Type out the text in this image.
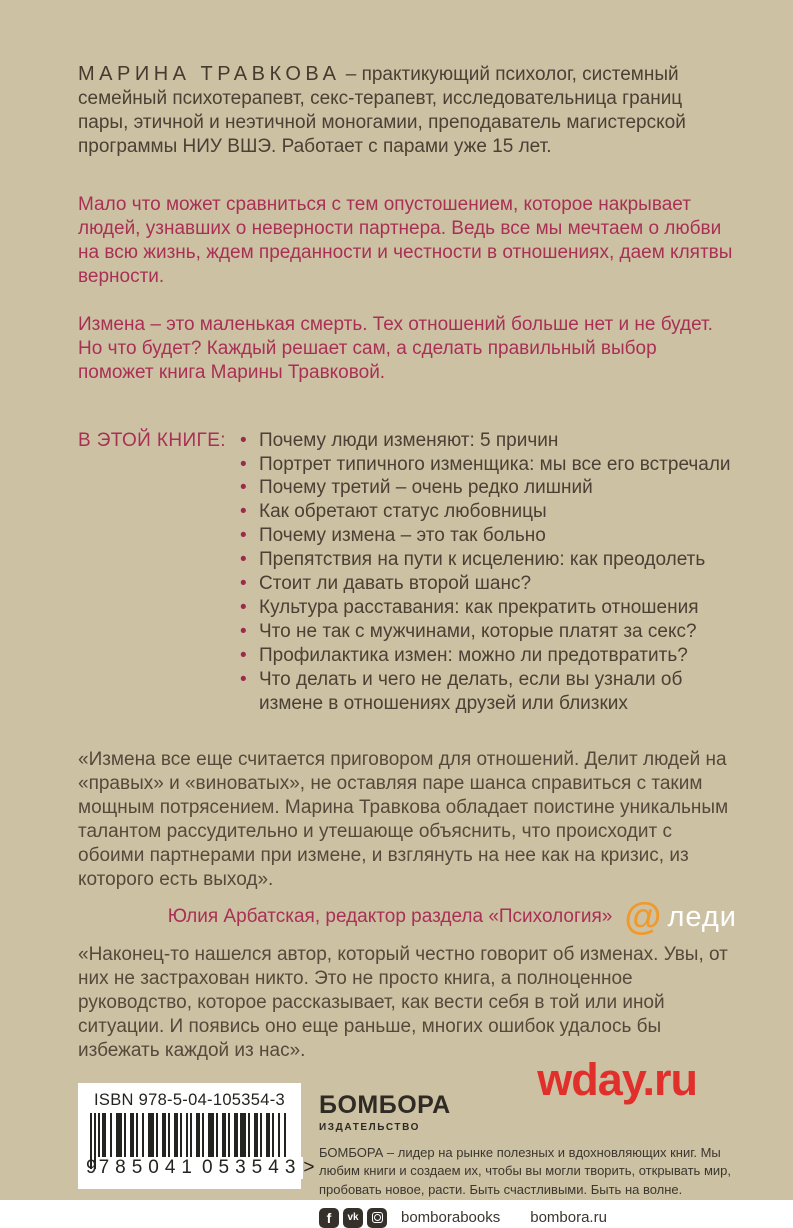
МАРИНА ТРАВКОВА – практикующий психолог, системный семейный психотерапевт, секс-терапевт, исследовательница границ пары, этичной и неэтичной моногамии, преподаватель магистерской программы НИУ ВШЭ. Работает с парами уже 15 лет.

Мало что может сравниться с тем опустошением, которое накрывает людей, узнавших о неверности партнера. Ведь все мы мечтаем о любви на всю жизнь, ждем преданности и честности в отношениях, даем клятвы верности.

Измена – это маленькая смерть. Тех отношений больше нет и не будет. Но что будет? Каждый решает сам, а сделать правильный выбор поможет книга Марины Травковой.

В ЭТОЙ КНИГЕ:	• Почему люди изменяют: 5 причин
• Портрет типичного изменщика: мы все его встречали
• Почему третий – очень редко лишний
• Как обретают статус любовницы
• Почему измена – это так больно
• Препятствия на пути к исцелению: как преодолеть
• Стоит ли давать второй шанс?
• Культура расставания: как прекратить отношения
• Что не так с мужчинами, которые платят за секс?
• Профилактика измен: можно ли предотвратить?
• Что делать и чего не делать, если вы узнали об измене в отношениях друзей или близких

«Измена все еще считается приговором для отношений. Делит людей на «правых» и «виноватых», не оставляя паре шанса справиться с таким мощным потрясением. Марина Травкова обладает поистине уникальным талантом рассудительно и утешающе объяснить, что происходит с обоими партнерами при измене, и взглянуть на нее как на кризис, из которого есть выход».

Юлия Арбатская, редактор раздела «Психология» @ леди

«Наконец-то нашелся автор, который честно говорит об изменах. Увы, от них не застрахован никто. Это не просто книга, а полноценное руководство, которое рассказывает, как вести себя в той или иной ситуации. И появись оно еще раньше, многих ошибок удалось бы избежать каждой из нас».

wday.ru
ISBN 978-5-04-105354-3
9 785041 053543 >
БОМБОРА
ИЗДАТЕЛЬСТВО

БОМБОРА – лидер на рынке полезных и вдохновляющих книг. Мы любим книги и создаем их, чтобы вы могли творить, открывать мир, пробовать новое, расти. Быть счастливыми. Быть на волне.

f	vk	bomborabooks bombora.ru
